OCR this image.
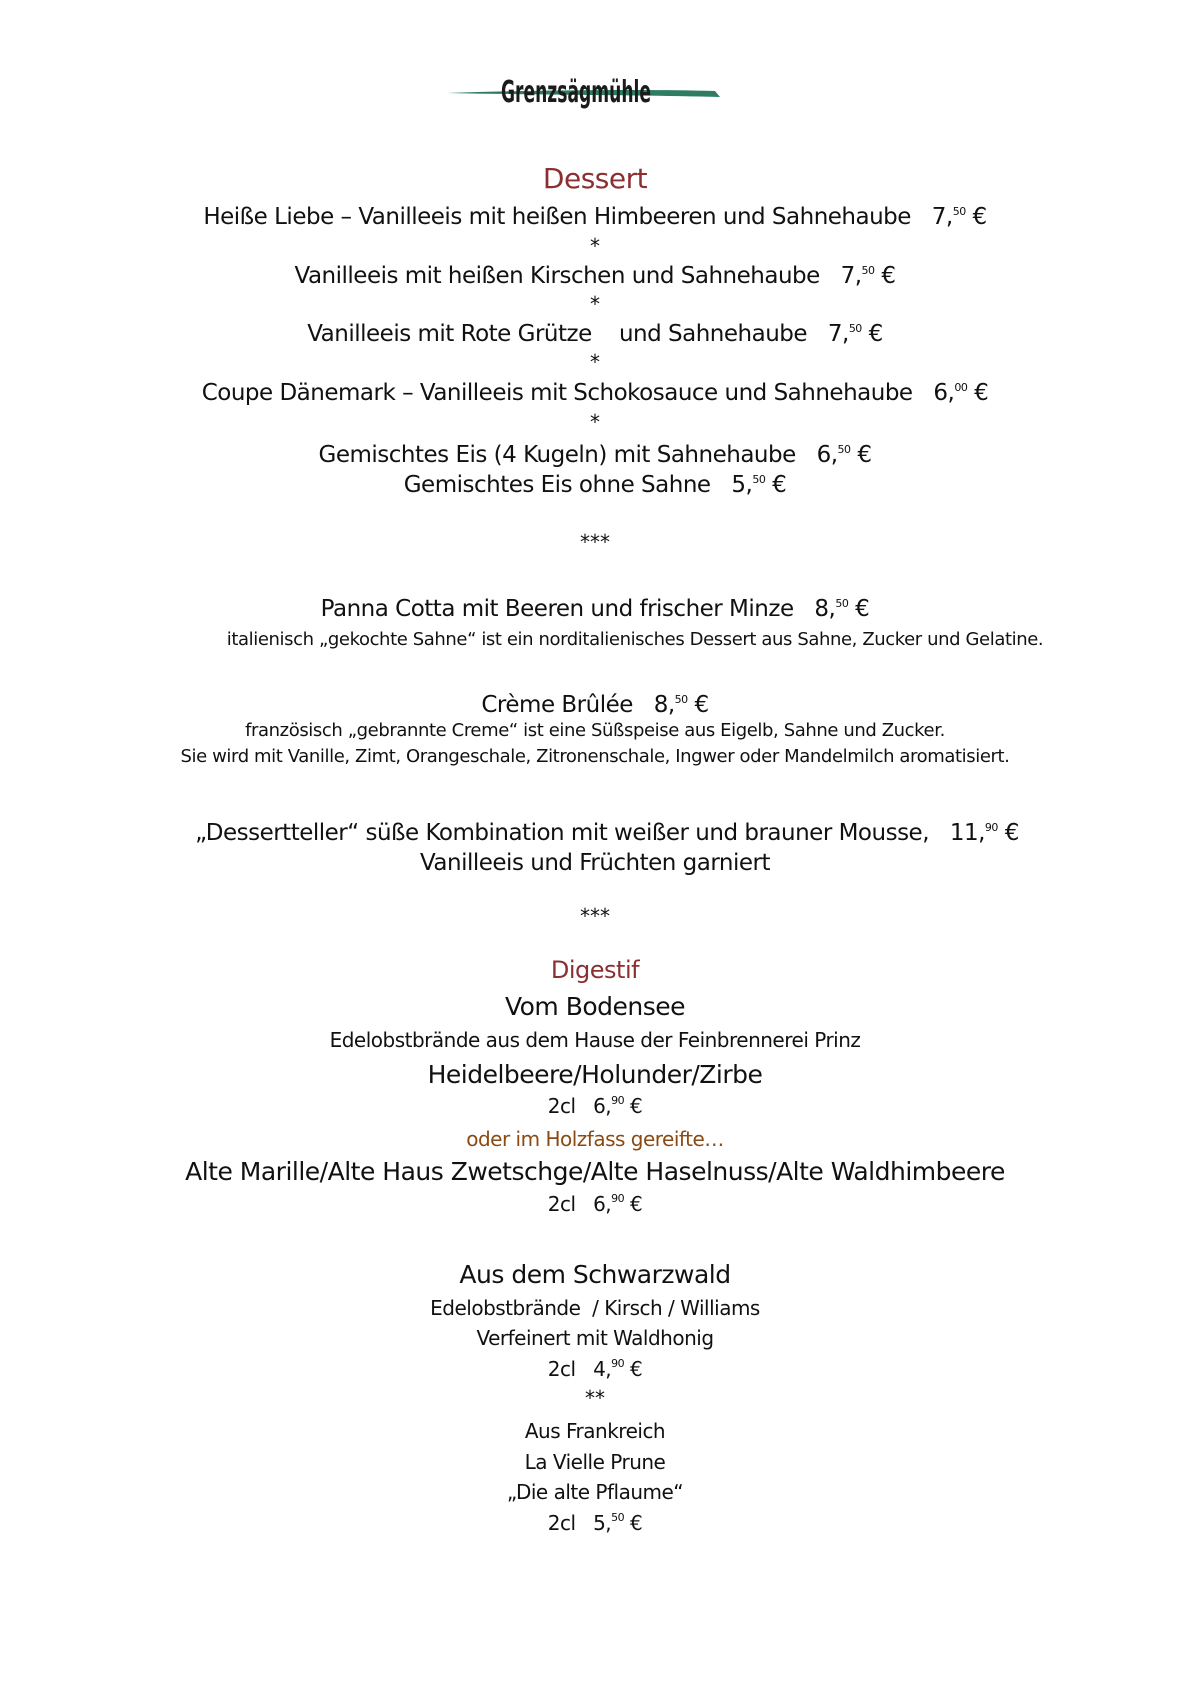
Grenzsägmühle
Dessert
Heiße Liebe – Vanilleeis mit heißen Himbeeren und Sahnehaube 7,50 €
*
Vanilleeis mit heißen Kirschen und Sahnehaube 7,50 €
*
Vanilleeis mit Rote Grütze    und Sahnehaube 7,50 €
*
Coupe Dänemark – Vanilleeis mit Schokosauce und Sahnehaube 6,00 €
*
Gemischtes Eis (4 Kugeln) mit Sahnehaube 6,50 €
Gemischtes Eis ohne Sahne 5,50 €
***
Panna Cotta mit Beeren und frischer Minze 8,50 €
italienisch „gekochte Sahne“ ist ein norditalienisches Dessert aus Sahne, Zucker und Gelatine.
Crème Brûlée 8,50 €
französisch „gebrannte Creme“ ist eine Süßspeise aus Eigelb, Sahne und Zucker.
Sie wird mit Vanille, Zimt, Orangeschale, Zitronenschale, Ingwer oder Mandelmilch aromatisiert.
„Dessertteller“ süße Kombination mit weißer und brauner Mousse, 11,90 €
Vanilleeis und Früchten garniert
***
Digestif
Vom Bodensee
Edelobstbrände aus dem Hause der Feinbrennerei Prinz
Heidelbeere/Holunder/Zirbe
2cl 6,90 €
oder im Holzfass gereifte…
Alte Marille/Alte Haus Zwetschge/Alte Haselnuss/Alte Waldhimbeere
2cl 6,90 €
Aus dem Schwarzwald
Edelobstbrände  / Kirsch / Williams
Verfeinert mit Waldhonig
2cl 4,90 €
**
Aus Frankreich
La Vielle Prune
„Die alte Pflaume“
2cl 5,50 €
